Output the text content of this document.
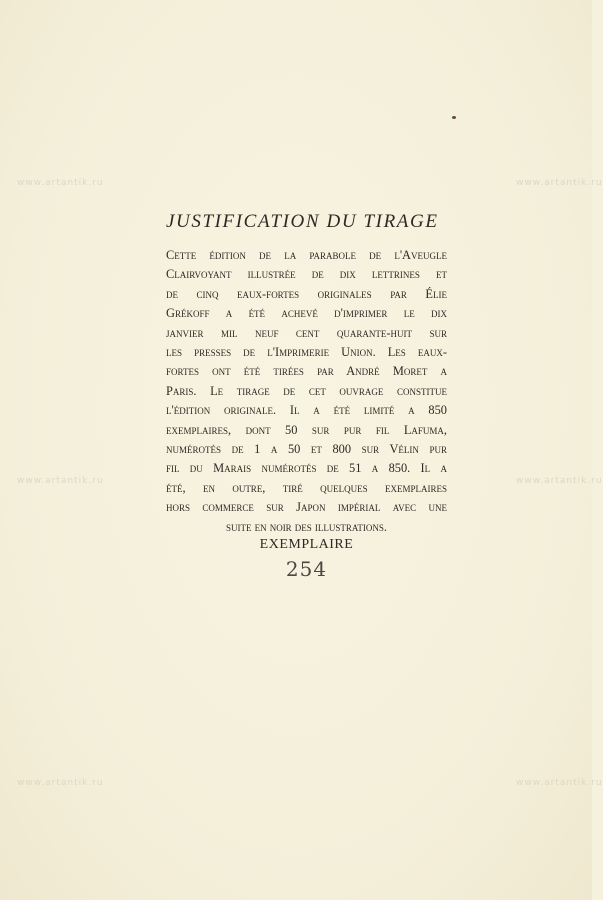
www.artantik.ru	www.artantik.ru
www.artantik.ru	www.artantik.ru
www.artantik.ru	www.artantik.ru
JUSTIFICATION DU TIRAGE
Cette édition de la parabole de l'Aveugle
Clairvoyant illustrée de dix lettrines et
de cinq eaux-fortes originales par Élie
Grékoff a été achevé d'imprimer le dix
janvier mil neuf cent quarante-huit sur
les presses de l'Imprimerie Union. Les eaux-
fortes ont été tirées par André Moret a
Paris. Le tirage de cet ouvrage constitue
l'édition originale. Il a été limité a 850
exemplaires, dont 50 sur pur fil Lafuma,
numérotés de 1 a 50 et 800 sur Vélin pur
fil du Marais numérotés de 51 a 850. Il a
été, en outre, tiré quelques exemplaires
hors commerce sur Japon impérial avec une
suite en noir des illustrations.
EXEMPLAIRE
254
